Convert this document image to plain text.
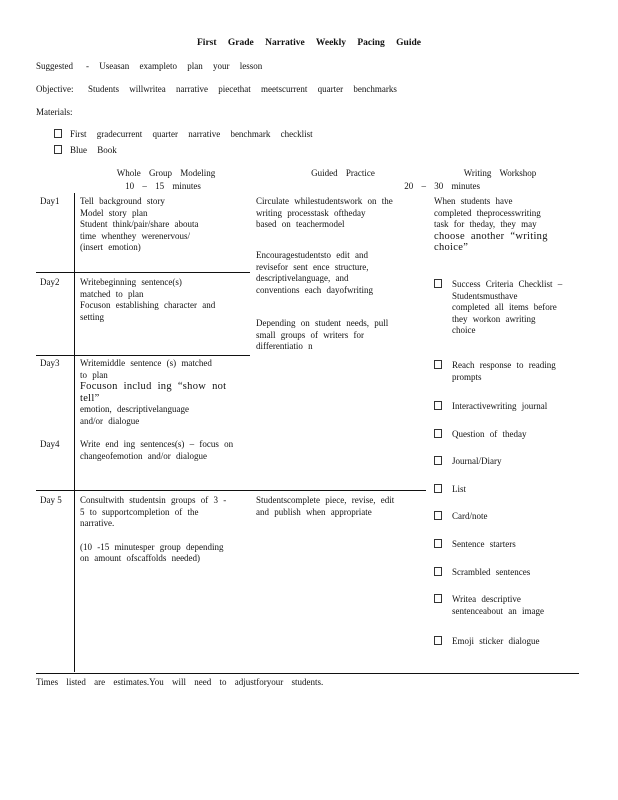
First Grade Narrative Weekly Pacing Guide
Suggested - Useasan exampleto plan your lesson
Objective: Students willwritea narrative piecethat meetscurrent quarter benchmarks
Materials:
First gradecurrent quarter narrative benchmark checklist
Blue Book
Whole Group Modeling
10 – 15 minutes
Guided Practice
20 – 30 minutes
Writing Workshop
Day1
Day2
Day3
Day4
Day 5

Tell background story

Model story plan

Student think/pair/share abouta

time whenthey werenervous/

(insert emotion)

Writebeginning sentence(s)

matched to plan

Focuson establishing character and

setting

Writemiddle sentence (s) matched

to plan

Focuson includ ing “show not tell”

emotion, descriptivelanguage

and/or dialogue

Write end ing sentences(s) – focus on

changeofemotion and/or dialogue

Consultwith studentsin groups of 3 -

5 to supportcompletion of the

narrative.

(10 -15 minutesper group depending

on amount ofscaffolds needed)

Circulate whilestudentswork on the

writing processtask oftheday

based on teachermodel

Encouragestudentsto edit and

revisefor sent ence structure,

descriptivelanguage, and

conventions each dayofwriting

Depending on student needs, pull

small groups of writers for

differentiatio n

Studentscomplete piece, revise, edit

and publish when appropriate

When students have

completed theprocesswriting

task for theday, they may

choose another “writing

choice”

Success Criteria Checklist –

Studentsmusthave

completed all items before

they workon awriting

choice

Reach response to reading

prompts

Interactivewriting journal
Question of theday
Journal/Diary
List
Card/note
Sentence starters
Scrambled sentences
Writea descriptive

sentenceabout an image

Emoji sticker dialogue
Times listed are estimates.You will need to adjustforyour students.
